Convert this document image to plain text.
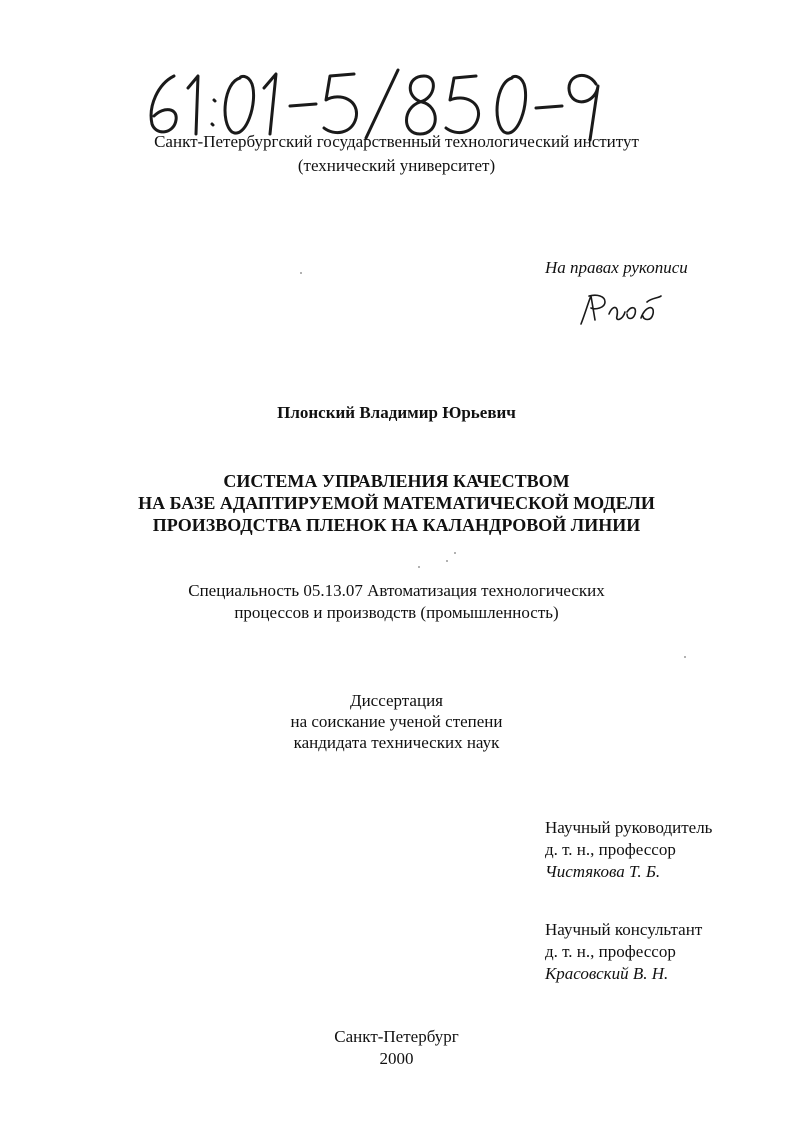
Санкт-Петербургский государственный технологический институт
(технический университет)
На правах рукописи
Плонский Владимир Юрьевич
СИСТЕМА УПРАВЛЕНИЯ КАЧЕСТВОМ
НА БАЗЕ АДАПТИРУЕМОЙ МАТЕМАТИЧЕСКОЙ МОДЕЛИ
ПРОИЗВОДСТВА ПЛЕНОК НА КАЛАНДРОВОЙ ЛИНИИ
Специальность 05.13.07 Автоматизация технологических
процессов и производств (промышленность)
Диссертация
на соискание ученой степени
кандидата технических наук
Научный руководитель
д. т. н., профессор
Чистякова Т. Б.
Научный консультант
д. т. н., профессор
Красовский В. Н.
Санкт-Петербург
2000
